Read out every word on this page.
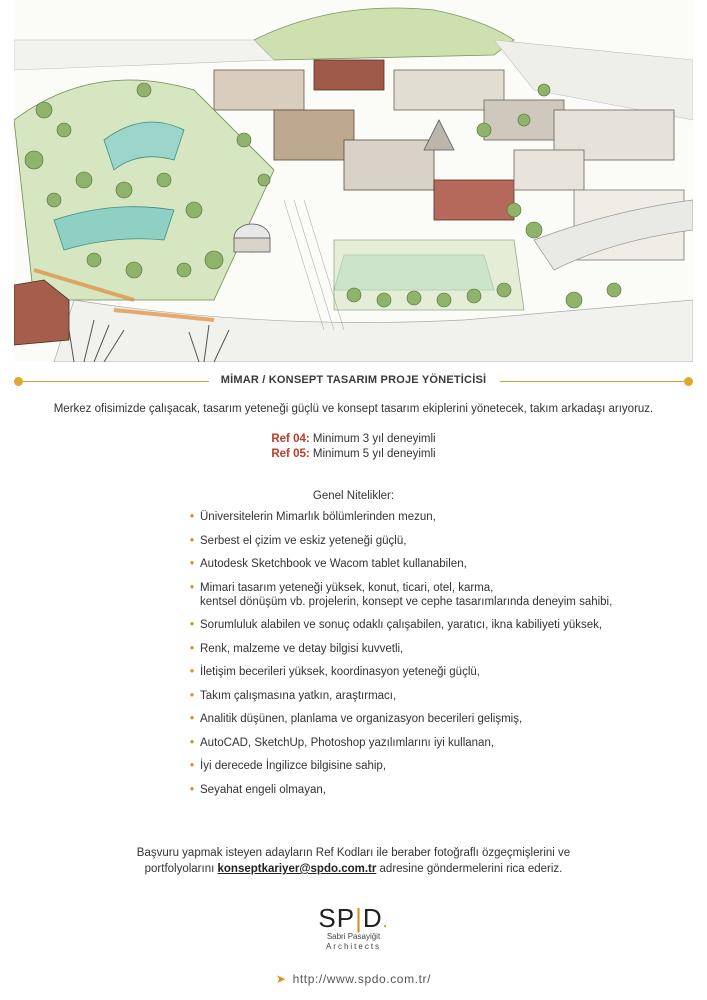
MİMAR / KONSEPT TASARIM PROJE YÖNETİCİSİ
Merkez ofisimizde çalışacak, tasarım yeteneği güçlü ve konsept tasarım ekiplerini yönetecek, takım arkadaşı arıyoruz.
Ref 04: Minimum 3 yıl deneyimli
Ref 05: Minimum 5 yıl deneyimli
Genel Nitelikler:
• Üniversitelerin Mimarlık bölümlerinden mezun,
• Serbest el çizim ve eskiz yeteneği güçlü,
• Autodesk Sketchbook ve Wacom tablet kullanabilen,
• Mimari tasarım yeteneği yüksek, konut, ticari, otel, karma,
kentsel dönüşüm vb. projelerin, konsept ve cephe tasarımlarında deneyim sahibi,
• Sorumluluk alabilen ve sonuç odaklı çalışabilen, yaratıcı, ikna kabiliyeti yüksek,
• Renk, malzeme ve detay bilgisi kuvvetli,
• İletişim becerileri yüksek, koordinasyon yeteneği güçlü,
• Takım çalışmasına yatkın, araştırmacı,
• Analitik düşünen, planlama ve organizasyon becerileri gelişmiş,
• AutoCAD, SketchUp, Photoshop yazılımlarını iyi kullanan,
• İyi derecede İngilizce bilgisine sahip,
• Seyahat engeli olmayan,
Başvuru yapmak isteyen adayların Ref Kodları ile beraber fotoğraflı özgeçmişlerini ve
portfolyolarını konseptkariyer@spdo.com.tr adresine göndermelerini rica ederiz.
SP|D.
Sabri Pasayiğit
Architects
➤ http://www.spdo.com.tr/
